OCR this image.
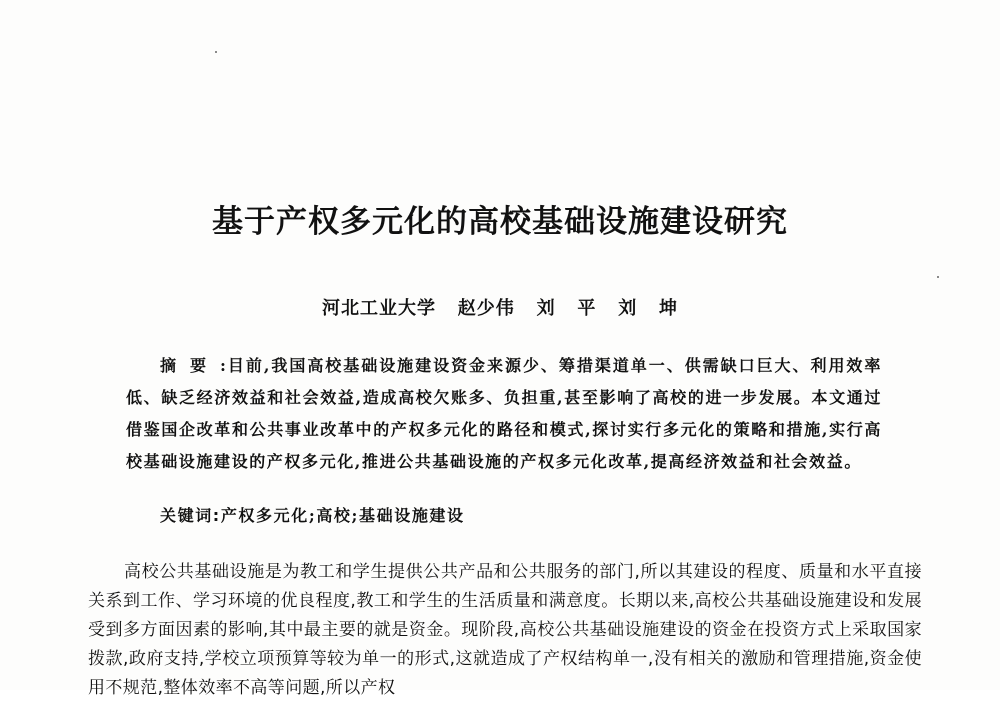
基于产权多元化的高校基础设施建设研究
河北工业大学   赵少伟   刘   平   刘   坤
摘要:目前,我国高校基础设施建设资金来源少、筹措渠道单一、供需缺口巨大、利用效率低、缺乏经济效益和社会效益,造成高校欠账多、负担重,甚至影响了高校的进一步发展。本文通过借鉴国企改革和公共事业改革中的产权多元化的路径和模式,探讨实行多元化的策略和措施,实行高校基础设施建设的产权多元化,推进公共基础设施的产权多元化改革,提高经济效益和社会效益。
关键词:产权多元化;高校;基础设施建设

高校公共基础设施是为教工和学生提供公共产品和公共服务的部门,所以其建设的程度、质量和水平直接关系到工作、学习环境的优良程度,教工和学生的生活质量和满意度。长期以来,高校公共基础设施建设和发展受到多方面因素的影响,其中最主要的就是资金。现阶段,高校公共基础设施建设的资金在投资方式上采取国家拨款,政府支持,学校立项预算等较为单一的形式,这就造成了产权结构单一,没有相关的激励和管理措施,资金使用不规范,整体效率不高等问题,所以产权
